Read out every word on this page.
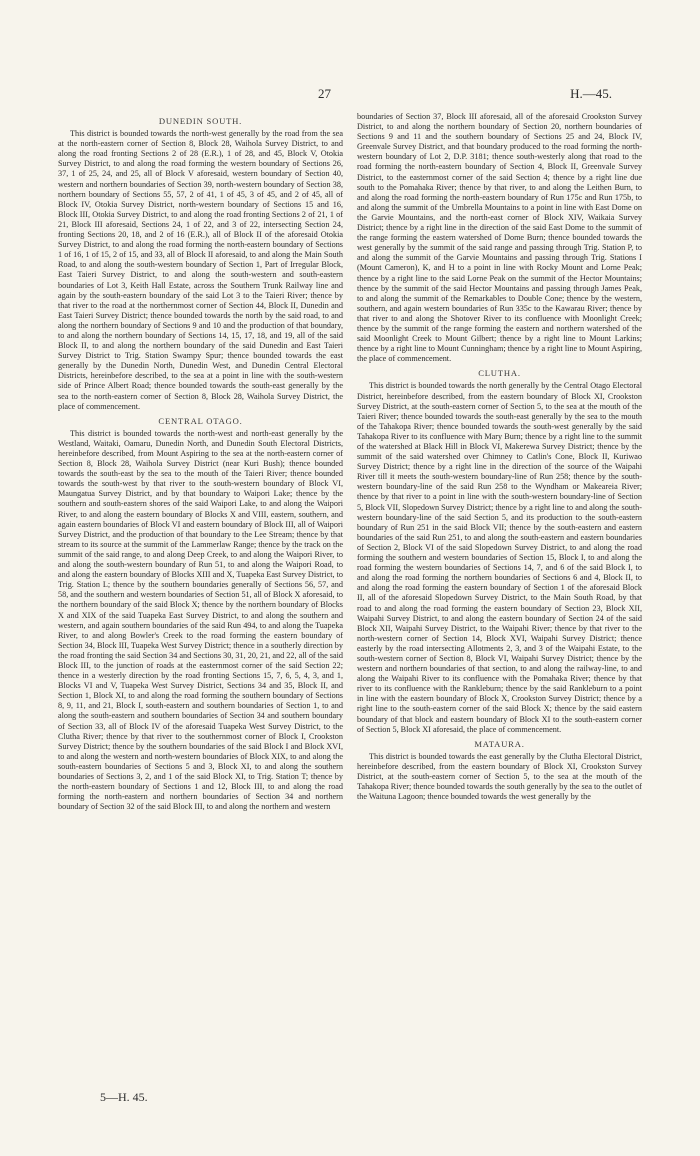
27	H.—45.
DUNEDIN SOUTH.

This district is bounded towards the north-west generally by the road from the sea at the north-eastern corner of Section 8, Block 28, Waihola Survey District, to and along the road fronting Sections 2 of 28 (E.R.), 1 of 28, and 45, Block V, Otokia Survey District, to and along the road forming the western boundary of Sections 26, 37, 1 of 25, 24, and 25, all of Block V aforesaid, western boundary of Section 40, western and northern boundaries of Section 39, north-western boundary of Section 38, northern boundary of Sections 55, 57, 2 of 41, 1 of 45, 3 of 45, and 2 of 45, all of Block IV, Otokia Survey District, north-western boundary of Sections 15 and 16, Block III, Otokia Survey District, to and along the road fronting Sections 2 of 21, 1 of 21, Block III aforesaid, Sections 24, 1 of 22, and 3 of 22, intersecting Section 24, fronting Sections 20, 18, and 2 of 16 (E.R.), all of Block II of the aforesaid Otokia Survey District, to and along the road forming the north-eastern boundary of Sections 1 of 16, 1 of 15, 2 of 15, and 33, all of Block II aforesaid, to and along the Main South Road, to and along the south-western boundary of Section 1, Part of Irregular Block, East Taieri Survey District, to and along the south-western and south-eastern boundaries of Lot 3, Keith Hall Estate, across the Southern Trunk Railway line and again by the south-eastern boundary of the said Lot 3 to the Taieri River; thence by that river to the road at the northernmost corner of Section 44, Block II, Dunedin and East Taieri Survey District; thence bounded towards the north by the said road, to and along the northern boundary of Sections 9 and 10 and the production of that boundary, to and along the northern boundary of Sections 14, 15, 17, 18, and 19, all of the said Block II, to and along the northern boundary of the said Dunedin and East Taieri Survey District to Trig. Station Swampy Spur; thence bounded towards the east generally by the Dunedin North, Dunedin West, and Dunedin Central Electoral Districts, hereinbefore described, to the sea at a point in line with the south-western side of Prince Albert Road; thence bounded towards the south-east generally by the sea to the north-eastern corner of Section 8, Block 28, Waihola Survey District, the place of commencement.

CENTRAL OTAGO.

This district is bounded towards the north-west and north-east generally by the Westland, Waitaki, Oamaru, Dunedin North, and Dunedin South Electoral Districts, hereinbefore described, from Mount Aspiring to the sea at the north-eastern corner of Section 8, Block 28, Waihola Survey District (near Kuri Bush); thence bounded towards the south-east by the sea to the mouth of the Taieri River; thence bounded towards the south-west by that river to the south-western boundary of Block VI, Maungatua Survey District, and by that boundary to Waipori Lake; thence by the southern and south-eastern shores of the said Waipori Lake, to and along the Waipori River, to and along the eastern boundary of Blocks X and VIII, eastern, southern, and again eastern boundaries of Block VI and eastern boundary of Block III, all of Waipori Survey District, and the production of that boundary to the Lee Stream; thence by that stream to its source at the summit of the Lammerlaw Range; thence by the track on the summit of the said range, to and along Deep Creek, to and along the Waipori River, to and along the south-western boundary of Run 51, to and along the Waipori Road, to and along the eastern boundary of Blocks XIII and X, Tuapeka East Survey District, to Trig. Station L; thence by the southern boundaries generally of Sections 56, 57, and 58, and the southern and western boundaries of Section 51, all of Block X aforesaid, to the northern boundary of the said Block X; thence by the northern boundary of Blocks X and XIX of the said Tuapeka East Survey District, to and along the southern and western, and again southern boundaries of the said Run 494, to and along the Tuapeka River, to and along Bowler's Creek to the road forming the eastern boundary of Section 34, Block III, Tuapeka West Survey District; thence in a southerly direction by the road fronting the said Section 34 and Sections 30, 31, 20, 21, and 22, all of the said Block III, to the junction of roads at the easternmost corner of the said Section 22; thence in a westerly direction by the road fronting Sections 15, 7, 6, 5, 4, 3, and 1, Blocks VI and V, Tuapeka West Survey District, Sections 34 and 35, Block II, and Section 1, Block XI, to and along the road forming the southern boundary of Sections 8, 9, 11, and 21, Block I, south-eastern and southern boundaries of Section 1, to and along the south-eastern and southern boundaries of Section 34 and southern boundary of Section 33, all of Block IV of the aforesaid Tuapeka West Survey District, to the Clutha River; thence by that river to the southernmost corner of Block I, Crookston Survey District; thence by the southern boundaries of the said Block I and Block XVI, to and along the western and north-western boundaries of Block XIX, to and along the south-eastern boundaries of Sections 5 and 3, Block XI, to and along the southern boundaries of Sections 3, 2, and 1 of the said Block XI, to Trig. Station T; thence by the north-eastern boundary of Sections 1 and 12, Block III, to and along the road forming the north-eastern and northern boundaries of Section 34 and northern boundary of Section 32 of the said Block III, to and along the northern and western

boundaries of Section 37, Block III aforesaid, all of the aforesaid Crookston Survey District, to and along the northern boundary of Section 20, northern boundaries of Sections 9 and 11 and the southern boundary of Sections 25 and 24, Block IV, Greenvale Survey District, and that boundary produced to the road forming the north-western boundary of Lot 2, D.P. 3181; thence south-westerly along that road to the road forming the north-eastern boundary of Section 4, Block II, Greenvale Survey District, to the easternmost corner of the said Section 4; thence by a right line due south to the Pomahaka River; thence by that river, to and along the Leithen Burn, to and along the road forming the north-eastern boundary of Run 175c and Run 175b, to and along the summit of the Umbrella Mountains to a point in line with East Dome on the Garvie Mountains, and the north-east corner of Block XIV, Waikaia Survey District; thence by a right line in the direction of the said East Dome to the summit of the range forming the eastern watershed of Dome Burn; thence bounded towards the west generally by the summit of the said range and passing through Trig. Station P, to and along the summit of the Garvie Mountains and passing through Trig. Stations I (Mount Cameron), K, and H to a point in line with Rocky Mount and Lorne Peak; thence by a right line to the said Lorne Peak on the summit of the Hector Mountains; thence by the summit of the said Hector Mountains and passing through James Peak, to and along the summit of the Remarkables to Double Cone; thence by the western, southern, and again western boundaries of Run 335c to the Kawarau River; thence by that river to and along the Shotover River to its confluence with Moonlight Creek; thence by the summit of the range forming the eastern and northern watershed of the said Moonlight Creek to Mount Gilbert; thence by a right line to Mount Larkins; thence by a right line to Mount Cunningham; thence by a right line to Mount Aspiring, the place of commencement.

CLUTHA.

This district is bounded towards the north generally by the Central Otago Electoral District, hereinbefore described, from the eastern boundary of Block XI, Crookston Survey District, at the south-eastern corner of Section 5, to the sea at the mouth of the Taieri River; thence bounded towards the south-east generally by the sea to the mouth of the Tahakopa River; thence bounded towards the south-west generally by the said Tahakopa River to its confluence with Mary Burn; thence by a right line to the summit of the watershed at Black Hill in Block VI, Makerewa Survey District; thence by the summit of the said watershed over Chimney to Catlin's Cone, Block II, Kuriwao Survey District; thence by a right line in the direction of the source of the Waipahi River till it meets the south-western boundary-line of Run 258; thence by the south-western boundary-line of the said Run 258 to the Wyndham or Makeareia River; thence by that river to a point in line with the south-western boundary-line of Section 5, Block VII, Slopedown Survey District; thence by a right line to and along the south-western boundary-line of the said Section 5, and its production to the south-eastern boundary of Run 251 in the said Block VII; thence by the south-eastern and eastern boundaries of the said Run 251, to and along the south-eastern and eastern boundaries of Section 2, Block VI of the said Slopedown Survey District, to and along the road forming the southern and western boundaries of Section 15, Block I, to and along the road forming the western boundaries of Sections 14, 7, and 6 of the said Block I, to and along the road forming the northern boundaries of Sections 6 and 4, Block II, to and along the road forming the eastern boundary of Section 1 of the aforesaid Block II, all of the aforesaid Slopedown Survey District, to the Main South Road, by that road to and along the road forming the eastern boundary of Section 23, Block XII, Waipahi Survey District, to and along the eastern boundary of Section 24 of the said Block XII, Waipahi Survey District, to the Waipahi River; thence by that river to the north-western corner of Section 14, Block XVI, Waipahi Survey District; thence easterly by the road intersecting Allotments 2, 3, and 3 of the Waipahi Estate, to the south-western corner of Section 8, Block VI, Waipahi Survey District; thence by the western and northern boundaries of that section, to and along the railway-line, to and along the Waipahi River to its confluence with the Pomahaka River; thence by that river to its confluence with the Rankleburn; thence by the said Rankleburn to a point in line with the eastern boundary of Block X, Crookston Survey District; thence by a right line to the south-eastern corner of the said Block X; thence by the said eastern boundary of that block and eastern boundary of Block XI to the south-eastern corner of Section 5, Block XI aforesaid, the place of commencement.

MATAURA.

This district is bounded towards the east generally by the Clutha Electoral District, hereinbefore described, from the eastern boundary of Block XI, Crookston Survey District, at the south-eastern corner of Section 5, to the sea at the mouth of the Tahakopa River; thence bounded towards the south generally by the sea to the outlet of the Waituna Lagoon; thence bounded towards the west generally by the

5—H. 45.
